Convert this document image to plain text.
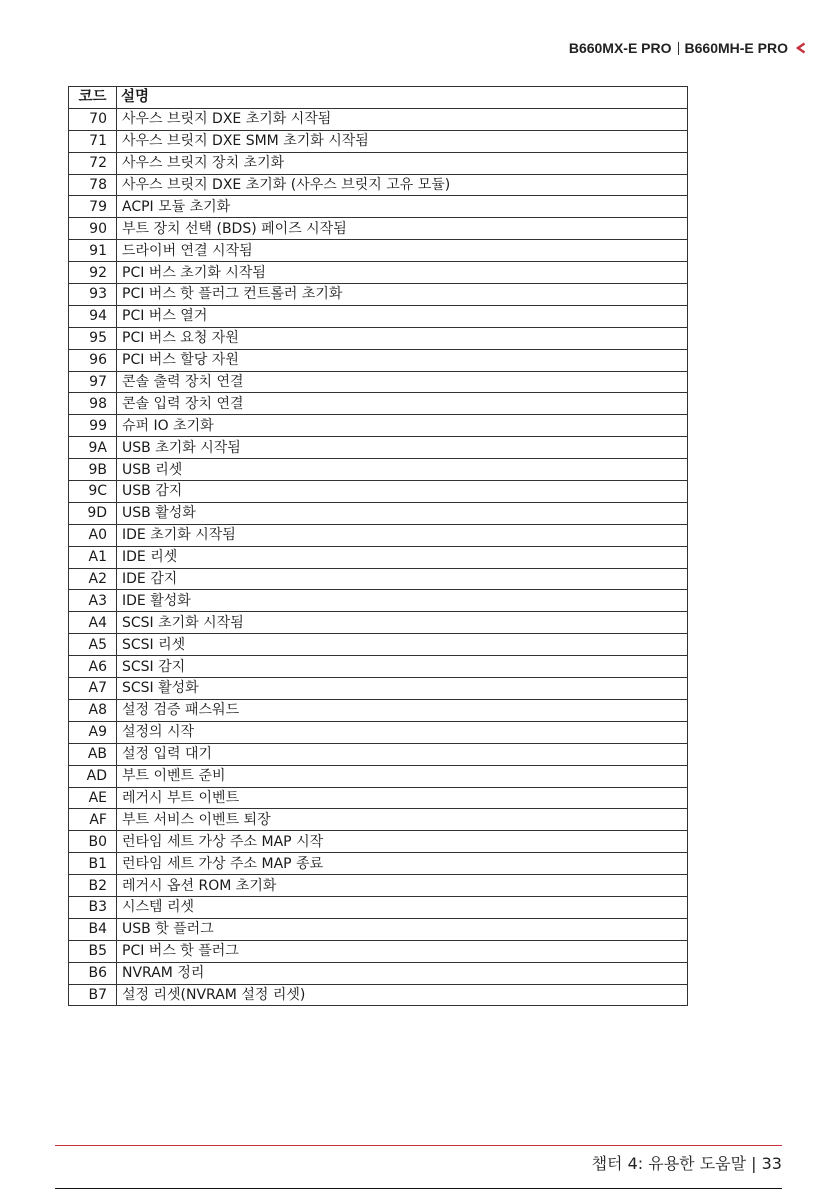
B660MX-E PRO B660MH-E PRO
코드	설명
70	사우스 브릿지 DXE 초기화 시작됨
71	사우스 브릿지 DXE SMM 초기화 시작됨
72	사우스 브릿지 장치 초기화
78	사우스 브릿지 DXE 초기화 (사우스 브릿지 고유 모듈)
79	ACPI 모듈 초기화
90	부트 장치 선택 (BDS) 페이즈 시작됨
91	드라이버 연결 시작됨
92	PCI 버스 초기화 시작됨
93	PCI 버스 핫 플러그 컨트롤러 초기화
94	PCI 버스 열거
95	PCI 버스 요청 자원
96	PCI 버스 할당 자원
97	콘솔 출력 장치 연결
98	콘솔 입력 장치 연결
99	슈퍼 IO 초기화
9A	USB 초기화 시작됨
9B	USB 리셋
9C	USB 감지
9D	USB 활성화
A0	IDE 초기화 시작됨
A1	IDE 리셋
A2	IDE 감지
A3	IDE 활성화
A4	SCSI 초기화 시작됨
A5	SCSI 리셋
A6	SCSI 감지
A7	SCSI 활성화
A8	설정 검증 패스워드
A9	설정의 시작
AB	설정 입력 대기
AD	부트 이벤트 준비
AE	레거시 부트 이벤트
AF	부트 서비스 이벤트 퇴장
B0	런타임 세트 가상 주소 MAP 시작
B1	런타임 세트 가상 주소 MAP 종료
B2	레거시 옵션 ROM 초기화
B3	시스템 리셋
B4	USB 핫 플러그
B5	PCI 버스 핫 플러그
B6	NVRAM 정리
B7	설정 리셋(NVRAM 설정 리셋)
챕터 4: 유용한 도움말 | 33
